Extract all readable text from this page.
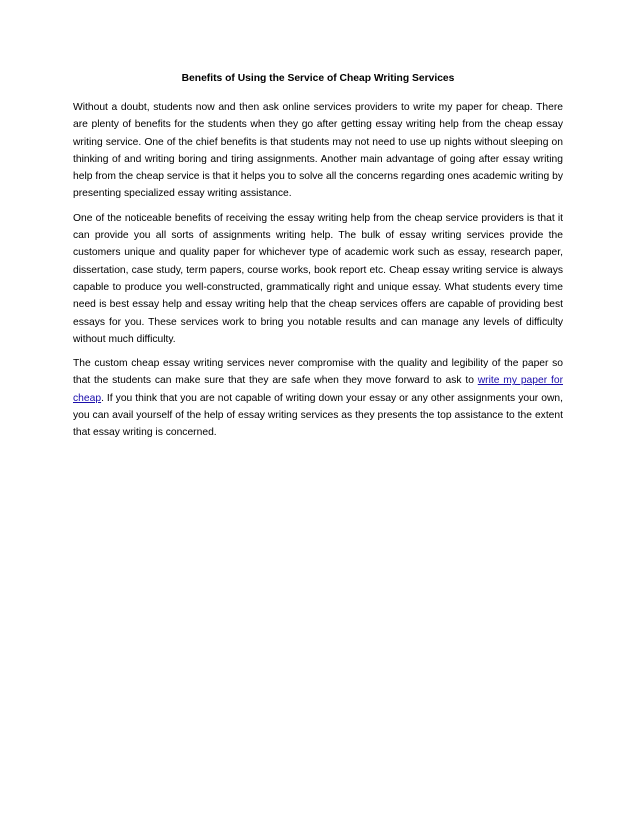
Benefits of Using the Service of Cheap Writing Services

Without a doubt, students now and then ask online services providers to write my paper for cheap. There are plenty of benefits for the students when they go after getting essay writing help from the cheap essay writing service. One of the chief benefits is that students may not need to use up nights without sleeping on thinking of and writing boring and tiring assignments. Another main advantage of going after essay writing help from the cheap service is that it helps you to solve all the concerns regarding ones academic writing by presenting specialized essay writing assistance.

One of the noticeable benefits of receiving the essay writing help from the cheap service providers is that it can provide you all sorts of assignments writing help. The bulk of essay writing services provide the customers unique and quality paper for whichever type of academic work such as essay, research paper, dissertation, case study, term papers, course works, book report etc. Cheap essay writing service is always capable to produce you well-constructed, grammatically right and unique essay. What students every time need is best essay help and essay writing help that the cheap services offers are capable of providing best essays for you. These services work to bring you notable results and can manage any levels of difficulty without much difficulty.

The custom cheap essay writing services never compromise with the quality and legibility of the paper so that the students can make sure that they are safe when they move forward to ask to write my paper for cheap. If you think that you are not capable of writing down your essay or any other assignments your own, you can avail yourself of the help of essay writing services as they presents the top assistance to the extent that essay writing is concerned.
